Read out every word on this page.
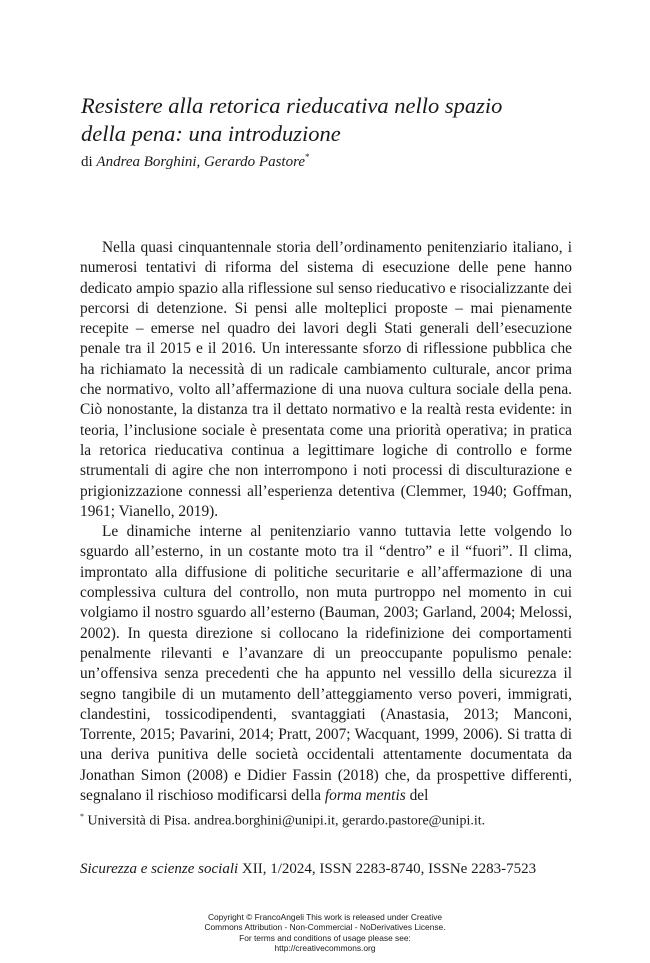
Resistere alla retorica rieducativa nello spazio
della pena: una introduzione

di Andrea Borghini, Gerardo Pastore*

Nella quasi cinquantennale storia dell’ordinamento penitenziario italiano, i numerosi tentativi di riforma del sistema di esecuzione delle pene hanno dedicato ampio spazio alla riflessione sul senso rieducativo e risocializzante dei percorsi di detenzione. Si pensi alle molteplici proposte – mai pienamente recepite – emerse nel quadro dei lavori degli Stati generali dell’esecuzione penale tra il 2015 e il 2016. Un interessante sforzo di riflessione pubblica che ha richiamato la necessità di un radicale cambiamento culturale, ancor prima che normativo, volto all’affermazione di una nuova cultura sociale della pena. Ciò nonostante, la distanza tra il dettato normativo e la realtà resta evidente: in teoria, l’inclusione sociale è presentata come una priorità operativa; in pratica la retorica rieducativa continua a legittimare logiche di controllo e forme strumentali di agire che non interrompono i noti processi di disculturazione e prigionizzazione connessi all’esperienza detentiva (Clemmer, 1940; Goffman, 1961; Vianello, 2019).

Le dinamiche interne al penitenziario vanno tuttavia lette volgendo lo sguardo all’esterno, in un costante moto tra il “dentro” e il “fuori”. Il clima, improntato alla diffusione di politiche securitarie e all’affermazione di una complessiva cultura del controllo, non muta purtroppo nel momento in cui volgiamo il nostro sguardo all’esterno (Bauman, 2003; Garland, 2004; Melossi, 2002). In questa direzione si collocano la ridefinizione dei comportamenti penalmente rilevanti e l’avanzare di un preoccupante populismo penale: un’offensiva senza precedenti che ha appunto nel vessillo della sicurezza il segno tangibile di un mutamento dell’atteggiamento verso poveri, immigrati, clandestini, tossicodipendenti, svantaggiati (Anastasia, 2013; Manconi, Torrente, 2015; Pavarini, 2014; Pratt, 2007; Wacquant, 1999, 2006). Si tratta di una deriva punitiva delle società occidentali attentamente documentata da Jonathan Simon (2008) e Didier Fassin (2018) che, da prospettive differenti, segnalano il rischioso modificarsi della forma mentis del

* Università di Pisa. andrea.borghini@unipi.it, gerardo.pastore@unipi.it.

Sicurezza e scienze sociali XII, 1/2024, ISSN 2283-8740, ISSNe 2283-7523

Copyright © FrancoAngeli This work is released under Creative
Commons Attribution - Non-Commercial - NoDerivatives License.
For terms and conditions of usage please see:
http://creativecommons.org
